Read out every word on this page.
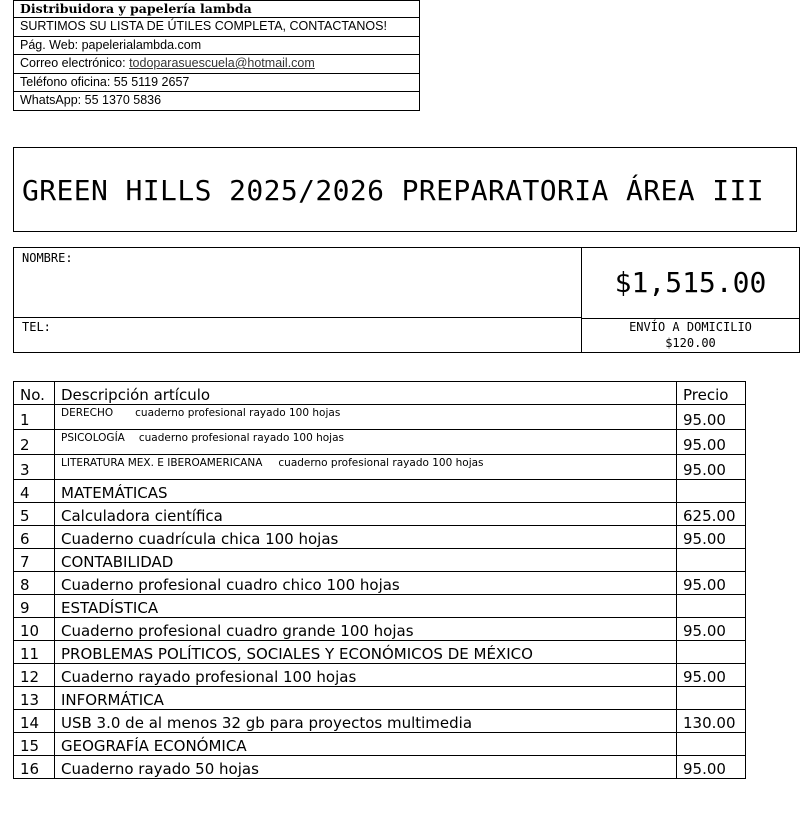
Distribuidora y papelería lambda
SURTIMOS SU LISTA DE ÚTILES COMPLETA, CONTACTANOS!
Pág. Web: papelerialambda.com
Correo electrónico: todoparasuescuela@hotmail.com
Teléfono oficina: 55 5119 2657
WhatsApp: 55 1370 5836
GREEN HILLS 2025/2026 PREPARATORIA ÁREA III
NOMBRE:
$1,515.00
TEL:	ENVÍO A DOMICILIO
$120.00
No.	Descripción artículo	Precio
1	DERECHO cuaderno profesional rayado 100 hojas	95.00
2	PSICOLOGÍA cuaderno profesional rayado 100 hojas	95.00
3	LITERATURA MEX. E IBEROAMERICANA cuaderno profesional rayado 100 hojas	95.00
4	MATEMÁTICAS	
5	Calculadora científica	625.00
6	Cuaderno cuadrícula chica 100 hojas	95.00
7	CONTABILIDAD	
8	Cuaderno profesional cuadro chico 100 hojas	95.00
9	ESTADÍSTICA	
10	Cuaderno profesional cuadro grande 100 hojas	95.00
11	PROBLEMAS POLÍTICOS, SOCIALES Y ECONÓMICOS DE MÉXICO	
12	Cuaderno rayado profesional 100 hojas	95.00
13	INFORMÁTICA	
14	USB 3.0 de al menos 32 gb para proyectos multimedia	130.00
15	GEOGRAFÍA ECONÓMICA	
16	Cuaderno rayado 50 hojas	95.00
